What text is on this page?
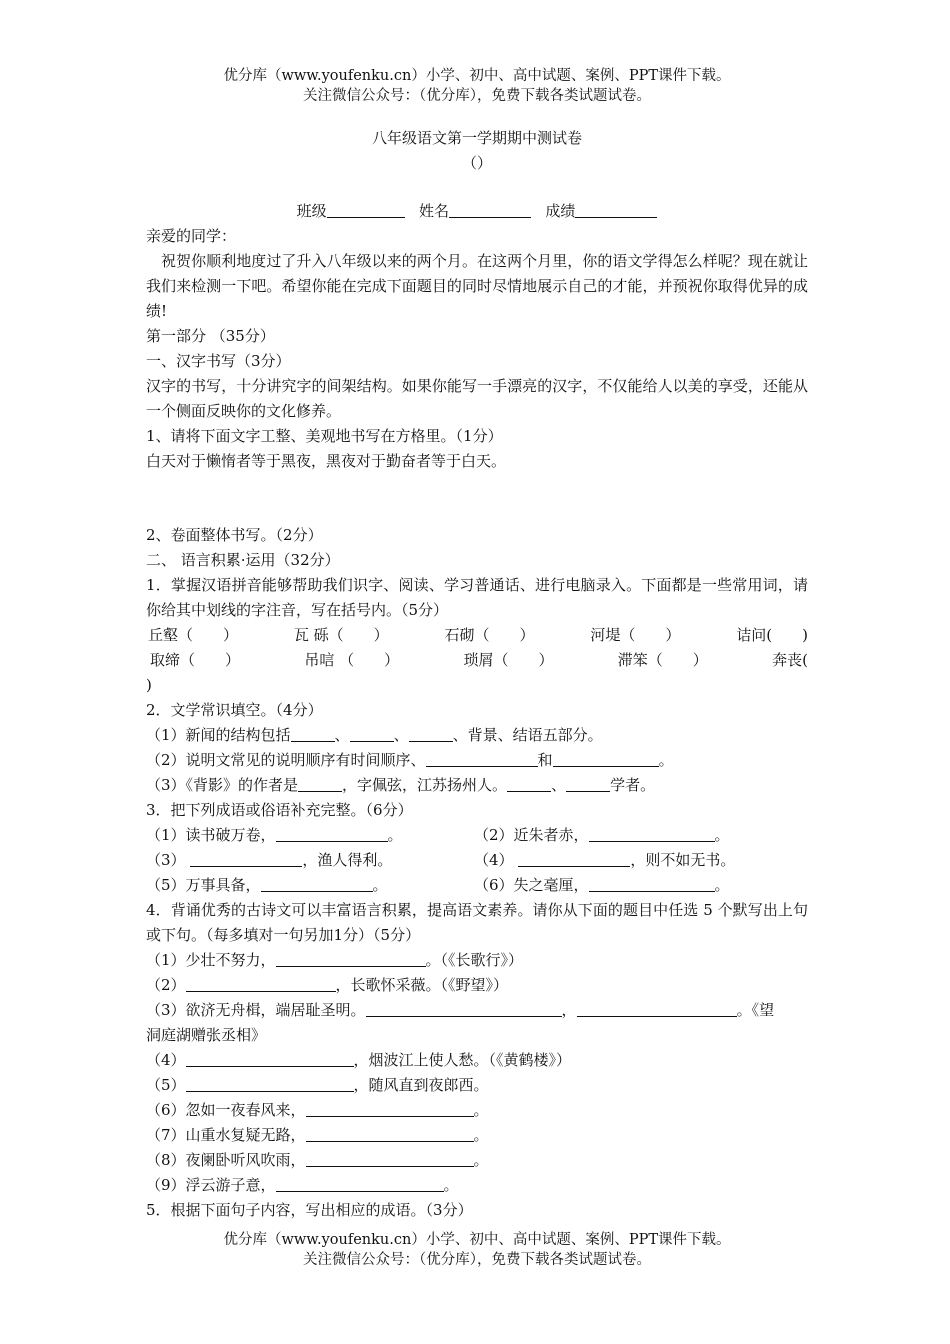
优分库（www.youfenku.cn）小学、初中、高中试题、案例、PPT课件下载。
关注微信公众号：（优分库），免费下载各类试题试卷。
八年级语文第一学期期中测试卷
（）
班级	姓名	成绩
亲爱的同学：
祝贺你顺利地度过了升入八年级以来的两个月。在这两个月里，你的语文学得怎么样呢？现在就让我们来检测一下吧。希望你能在完成下面题目的同时尽情地展示自己的才能，并预祝你取得优异的成绩!
第一部分 （35分）
一、汉字书写（3分）
汉字的书写，十分讲究字的间架结构。如果你能写一手漂亮的汉字，不仅能给人以美的享受，还能从一个侧面反映你的文化修养。
1、请将下面文字工整、美观地书写在方格里。（1分）
白天对于懒惰者等于黑夜，黑夜对于勤奋者等于白天。
2、卷面整体书写。（2分）
二、 语言积累·运用（32分）
1．掌握汉语拼音能够帮助我们识字、阅读、学习普通话、进行电脑录入。下面都是一些常用词，请你给其中划线的字注音，写在括号内。（5分）
丘壑（　　）	瓦 砾（　　）	石砌（　　）	河堤（　　）	诘问(　　)
取缔（　　）	吊唁 （　　）	琐屑（　　）	滞笨（　　）	奔丧(
)
2．文学常识填空。（4分）
（1）新闻的结构包括	、	、	、背景、结语五部分。
（2）说明文常见的说明顺序有时间顺序、	和	。
（3）《背影》的作者是	，字佩弦，江苏扬州人。	、	学者。
3．把下列成语或俗语补充完整。（6分）
（1）读书破万卷，	。	（2）近朱者赤，	。
（3）	，渔人得利。	（4）	，则不如无书。
（5）万事具备，	。	（6）失之毫厘，	。
4．背诵优秀的古诗文可以丰富语言积累，提高语文素养。请你从下面的题目中任选 5 个默写出上句或下句。（每多填对一句另加1分）（5分）
（1）少壮不努力，	。（《长歌行》）
（2）	，长歌怀采薇。（《野望》）
（3）欲济无舟楫，端居耻圣明。	，	。《望
洞庭湖赠张丞相》
（4）	，烟波江上使人愁。（《黄鹤楼》）
（5）	，随风直到夜郎西。
（6）忽如一夜春风来，	。
（7）山重水复疑无路，	。
（8）夜阑卧听风吹雨，	。
（9）浮云游子意，	。
5．根据下面句子内容，写出相应的成语。（3分）
优分库（www.youfenku.cn）小学、初中、高中试题、案例、PPT课件下载。
关注微信公众号：（优分库），免费下载各类试题试卷。
